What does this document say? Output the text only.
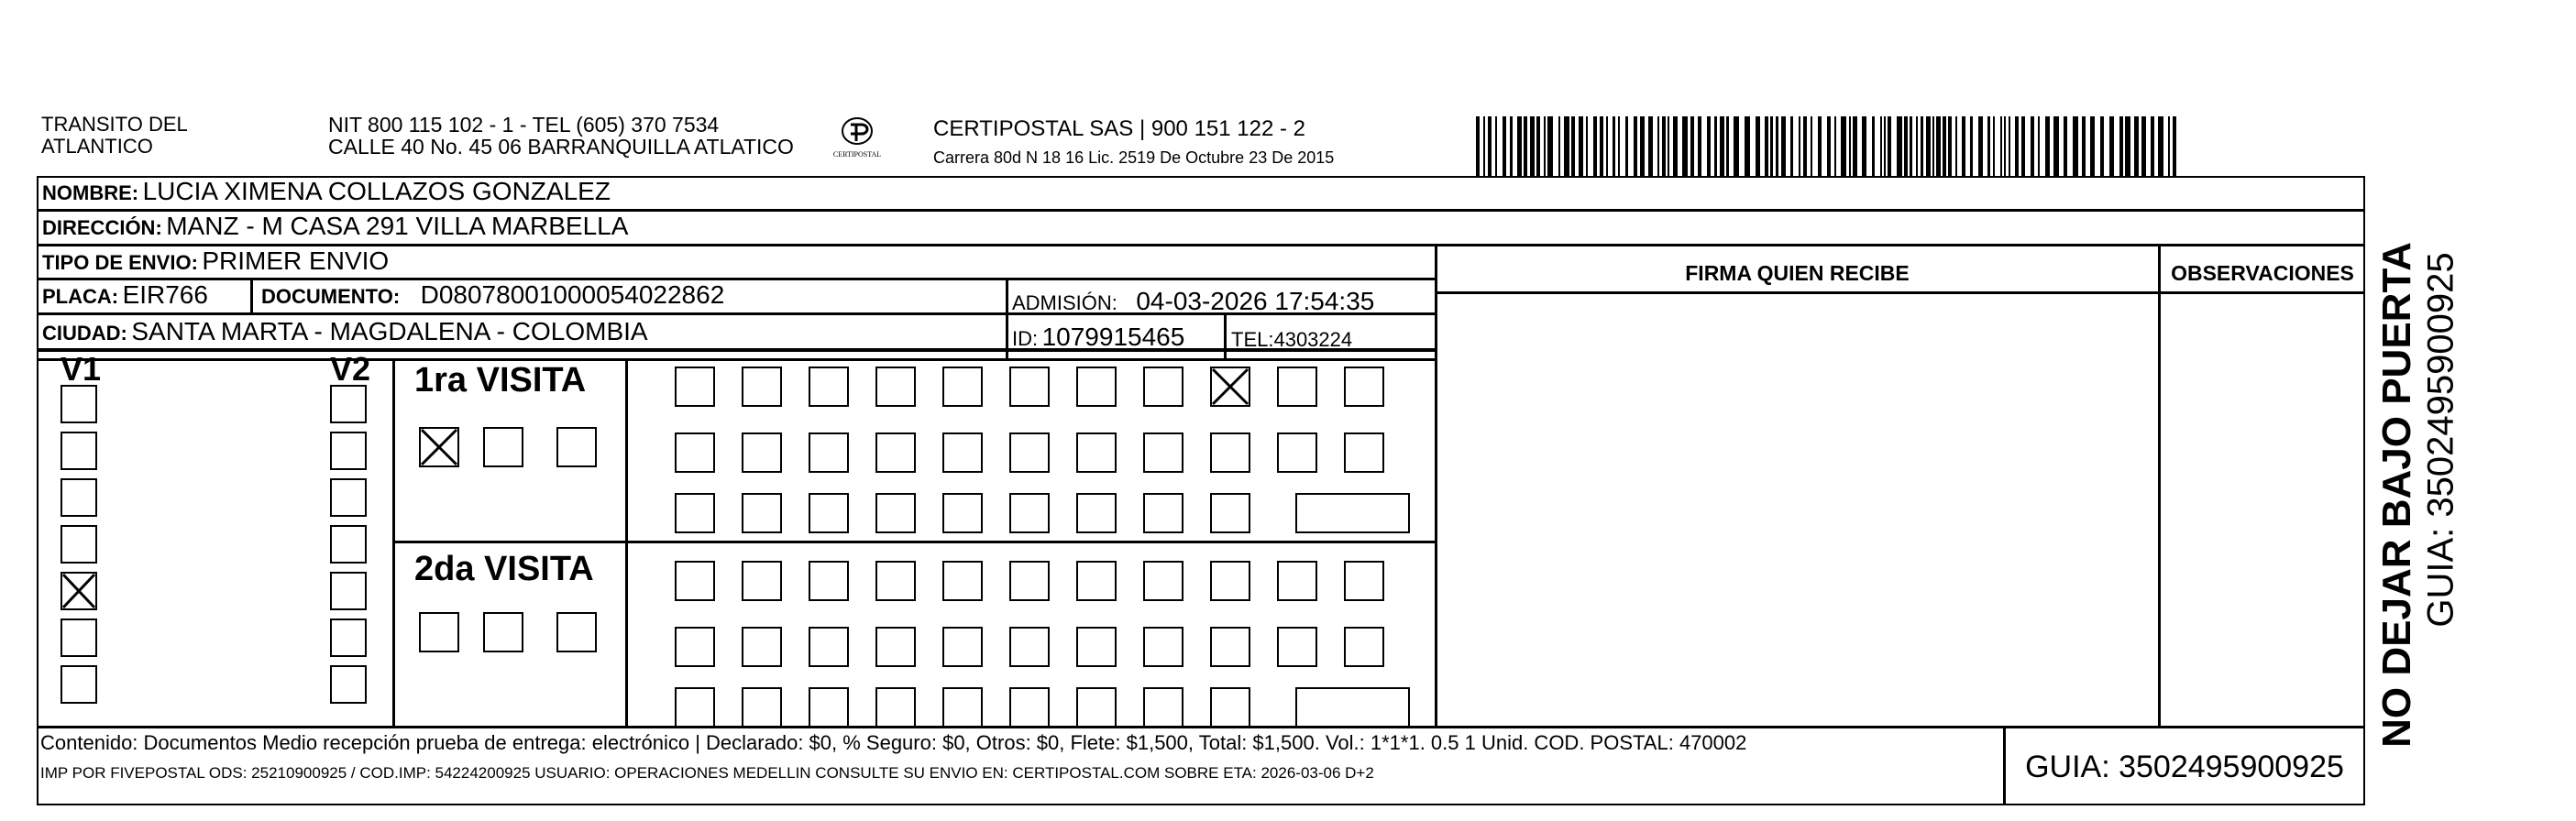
TRANSITO DEL
ATLANTICO
NIT 800 115 102 - 1 - TEL (605) 370 7534
CALLE 40 No. 45 06 BARRANQUILLA ATLATICO	CERTIPOSTAL
CERTIPOSTAL SAS | 900 151 122 - 2
Carrera 80d N 18 16 Lic. 2519 De Octubre 23 De 2015
NOMBRE: LUCIA XIMENA COLLAZOS GONZALEZ
DIRECCIÓN: MANZ - M CASA 291 VILLA MARBELLA
TIPO DE ENVIO: PRIMER ENVIO
PLACA: EIR766	DOCUMENTO: D08078001000054022862	ADMISIÓN: 04-03-2026 17:54:35
CIUDAD: SANTA MARTA - MAGDALENA - COLOMBIA	ID: 1079915465 TEL:4303224
FIRMA QUIEN RECIBE	OBSERVACIONES
V1	V2 1ra VISITA
2da VISITA
Contenido: Documentos Medio recepción prueba de entrega: electrónico | Declarado: $0, % Seguro: $0, Otros: $0, Flete: $1,500, Total: $1,500. Vol.: 1*1*1. 0.5 1 Unid. COD. POSTAL: 470002
IMP POR FIVEPOSTAL ODS: 25210900925 / COD.IMP: 54224200925 USUARIO: OPERACIONES MEDELLIN CONSULTE SU ENVIO EN: CERTIPOSTAL.COM SOBRE ETA: 2026-03-06 D+2	GUIA: 3502495900925
NO DEJAR BAJO PUERTA GUIA: 3502495900925
